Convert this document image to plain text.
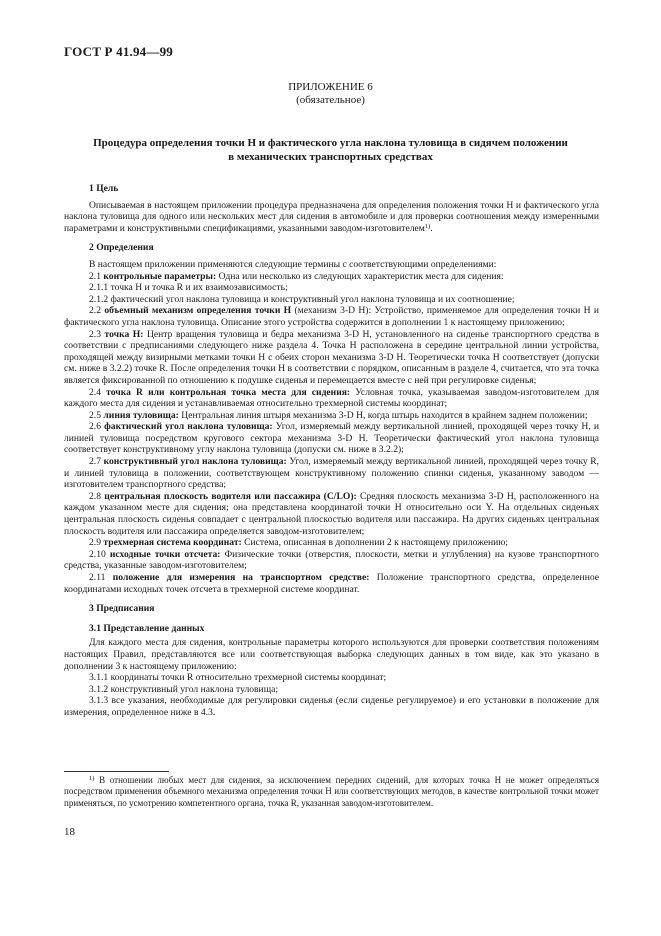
ГОСТ Р 41.94—99
ПРИЛОЖЕНИЕ 6
(обязательное)
Процедура определения точки H и фактического угла наклона туловища в сидячем положении в механических транспортных средствах
1 Цель

Описываемая в настоящем приложении процедура предназначена для определения положения точки H и фактического угла наклона туловища для одного или нескольких мест для сидения в автомобиле и для проверки соотношения между измеренными параметрами и конструктивными спецификациями, указанными заводом-изготовителем$^{1)}$.

2 Определения

В настоящем приложении применяются следующие термины с соответствующими определениями:

2.1 контрольные параметры: Одна или несколько из следующих характеристик места для сидения:

2.1.1 точка H и точка R и их взаимозависимость;

2.1.2 фактический угол наклона туловища и конструктивный угол наклона туловища и их соотношение;

2.2 объемный механизм определения точки H (механизм 3-D H): Устройство, применяемое для определения точки H и фактического угла наклона туловища. Описание этого устройства содержится в дополнении 1 к настоящему приложению;

2.3 точка H: Центр вращения туловища и бедра механизма 3-D H, установленного на сиденье транспортного средства в соответствии с предписаниями следующего ниже раздела 4. Точка H расположена в середине центральной линии устройства, проходящей между визирными метками точки H с обеих сторон механизма 3-D H. Теоретически точка H соответствует (допуски см. ниже в 3.2.2) точке R. После определения точки H в соответствии с порядком, описанным в разделе 4, считается, что эта точка является фиксированной по отношению к подушке сиденья и перемещается вместе с ней при регулировке сиденья;

2.4 точка R или контрольная точка места для сидения: Условная точка, указываемая заводом-изготовителем для каждого места для сидения и устанавливаемая относительно трехмерной системы координат;

2.5 линия туловища: Центральная линия штыря механизма 3-D H, когда штырь находится в крайнем заднем положении;

2.6 фактический угол наклона туловища: Угол, измеряемый между вертикальной линией, проходящей через точку H, и линией туловища посредством кругового сектора механизма 3-D H. Теоретически фактический угол наклона туловища соответствует конструктивному углу наклона туловища (допуски см. ниже в 3.2.2);

2.7 конструктивный угол наклона туловища: Угол, измеряемый между вертикальной линией, проходящей через точку R, и линией туловища в положении, соответствующем конструктивному положению спинки сиденья, указанному заводом — изготовителем транспортного средства;

2.8 центральная плоскость водителя или пассажира (C/LO): Средняя плоскость механизма 3-D H, расположенного на каждом указанном месте для сидения; она представлена координатой точки H относительно оси Y. На отдельных сиденьях центральная плоскость сиденья совпадает с центральной плоскостью водителя или пассажира. На других сиденьях центральная плоскость водителя или пассажира определяется заводом-изготовителем;

2.9 трехмерная система координат: Система, описанная в дополнении 2 к настоящему приложению;

2.10 исходные точки отсчета: Физические точки (отверстия, плоскости, метки и углубления) на кузове транспортного средства, указанные заводом-изготовителем;

2.11 положение для измерения на транспортном средстве: Положение транспортного средства, определенное координатами исходных точек отсчета в трехмерной системе координат.

3 Предписания
3.1 Представление данных

Для каждого места для сидения, контрольные параметры которого используются для проверки соответствия положениям настоящих Правил, представляются все или соответствующая выборка следующих данных в том виде, как это указано в дополнении 3 к настоящему приложению:

3.1.1 координаты точки R относительно трехмерной системы координат;

3.1.2 конструктивный угол наклона туловища;

3.1.3 все указания, необходимые для регулировки сиденья (если сиденье регулируемое) и его установки в положение для измерения, определенное ниже в 4.3.

$^{1)}$ В отношении любых мест для сидения, за исключением передних сидений, для которых точка H не может определяться посредством применения объемного механизма определения точки H или соответствующих методов, в качестве контрольной точки может применяться, по усмотрению компетентного органа, точка R, указанная заводом-изготовителем.

18
